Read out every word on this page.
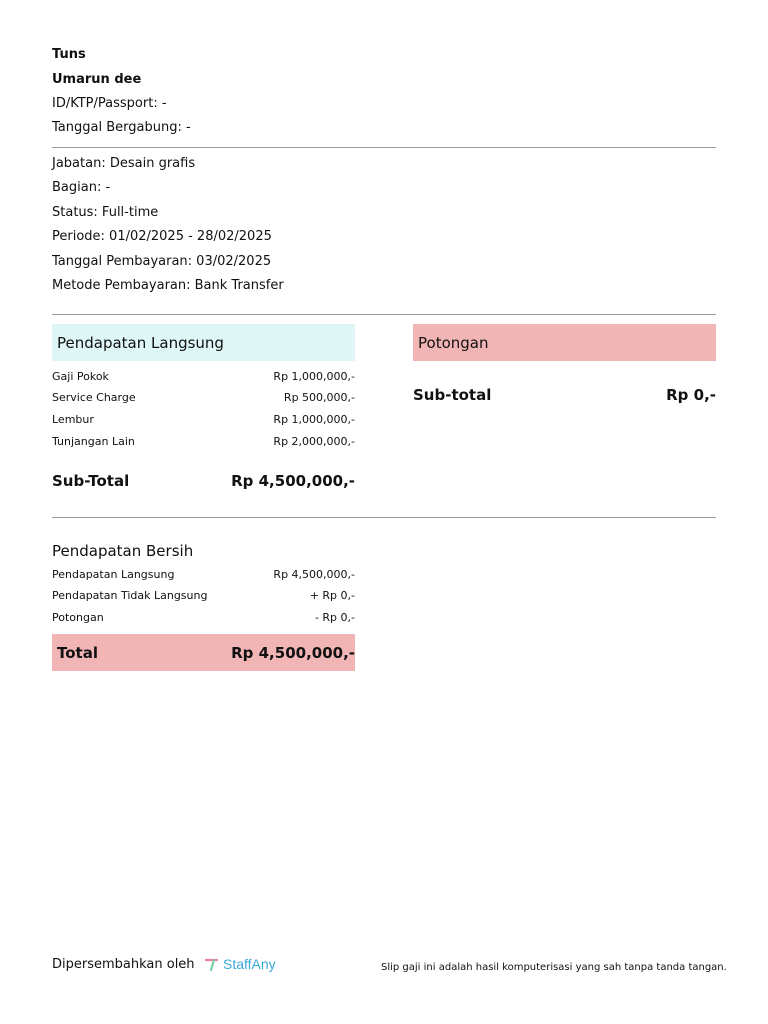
Tuns
Umarun dee
ID/KTP/Passport: -
Tanggal Bergabung: -
Jabatan: Desain grafis
Bagian: -
Status: Full-time
Periode: 01/02/2025 - 28/02/2025
Tanggal Pembayaran: 03/02/2025
Metode Pembayaran: Bank Transfer
Pendapatan Langsung
Gaji Pokok	Rp 1,000,000,-
Service Charge	Rp 500,000,-
Lembur	Rp 1,000,000,-
Tunjangan Lain	Rp 2,000,000,-
Sub-Total	Rp 4,500,000,-
Potongan
Sub-total	Rp 0,-
Pendapatan Bersih
Pendapatan Langsung	Rp 4,500,000,-
Pendapatan Tidak Langsung	+ Rp 0,-
Potongan	- Rp 0,-
Total	Rp 4,500,000,-
Dipersembahkan oleh StaffAny	Slip gaji ini adalah hasil komputerisasi yang sah tanpa tanda tangan.
